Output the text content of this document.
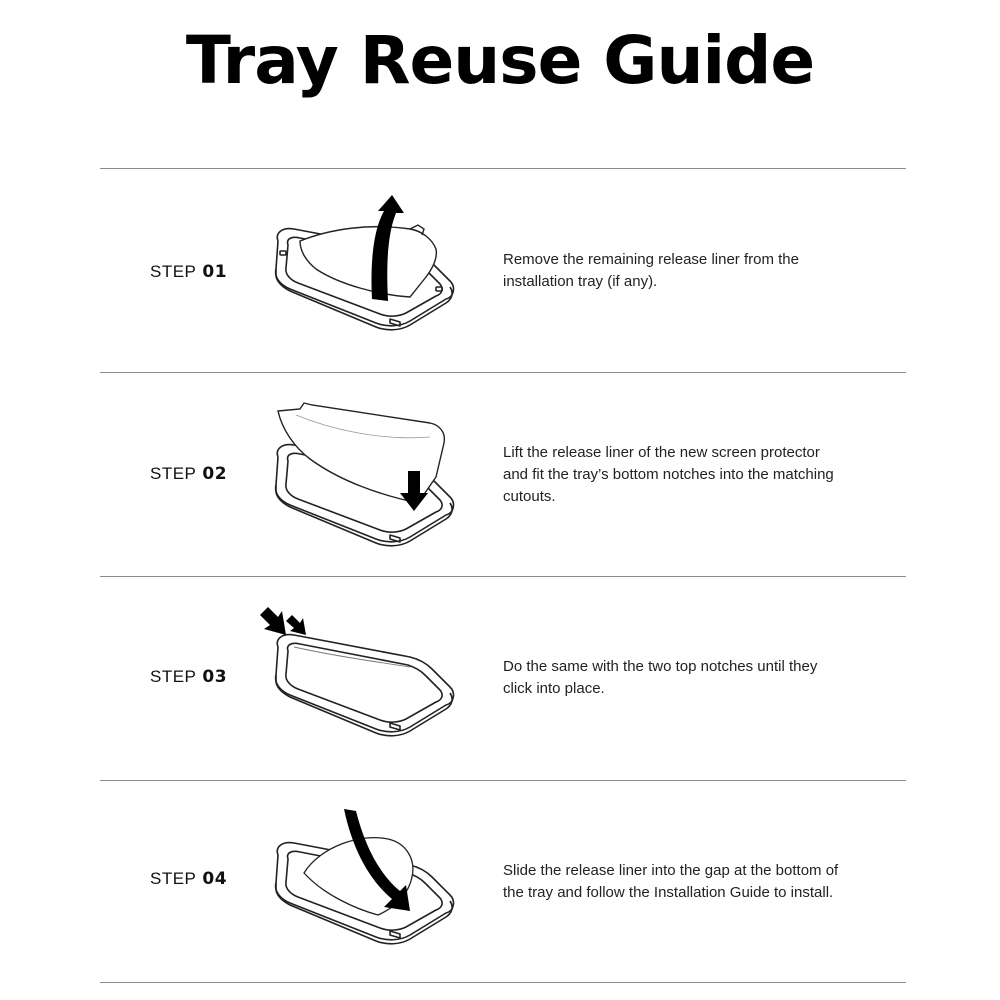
Tray Reuse Guide
STEP 01
Remove the remaining release liner from the
installation tray (if any).
STEP 02
Lift the release liner of the new screen protector
and fit the tray’s bottom notches into the matching
cutouts.
STEP 03
Do the same with the two top notches until they
click into place.
STEP 04	Slide the release liner into the gap at the bottom of
the tray and follow the Installation Guide to install.
